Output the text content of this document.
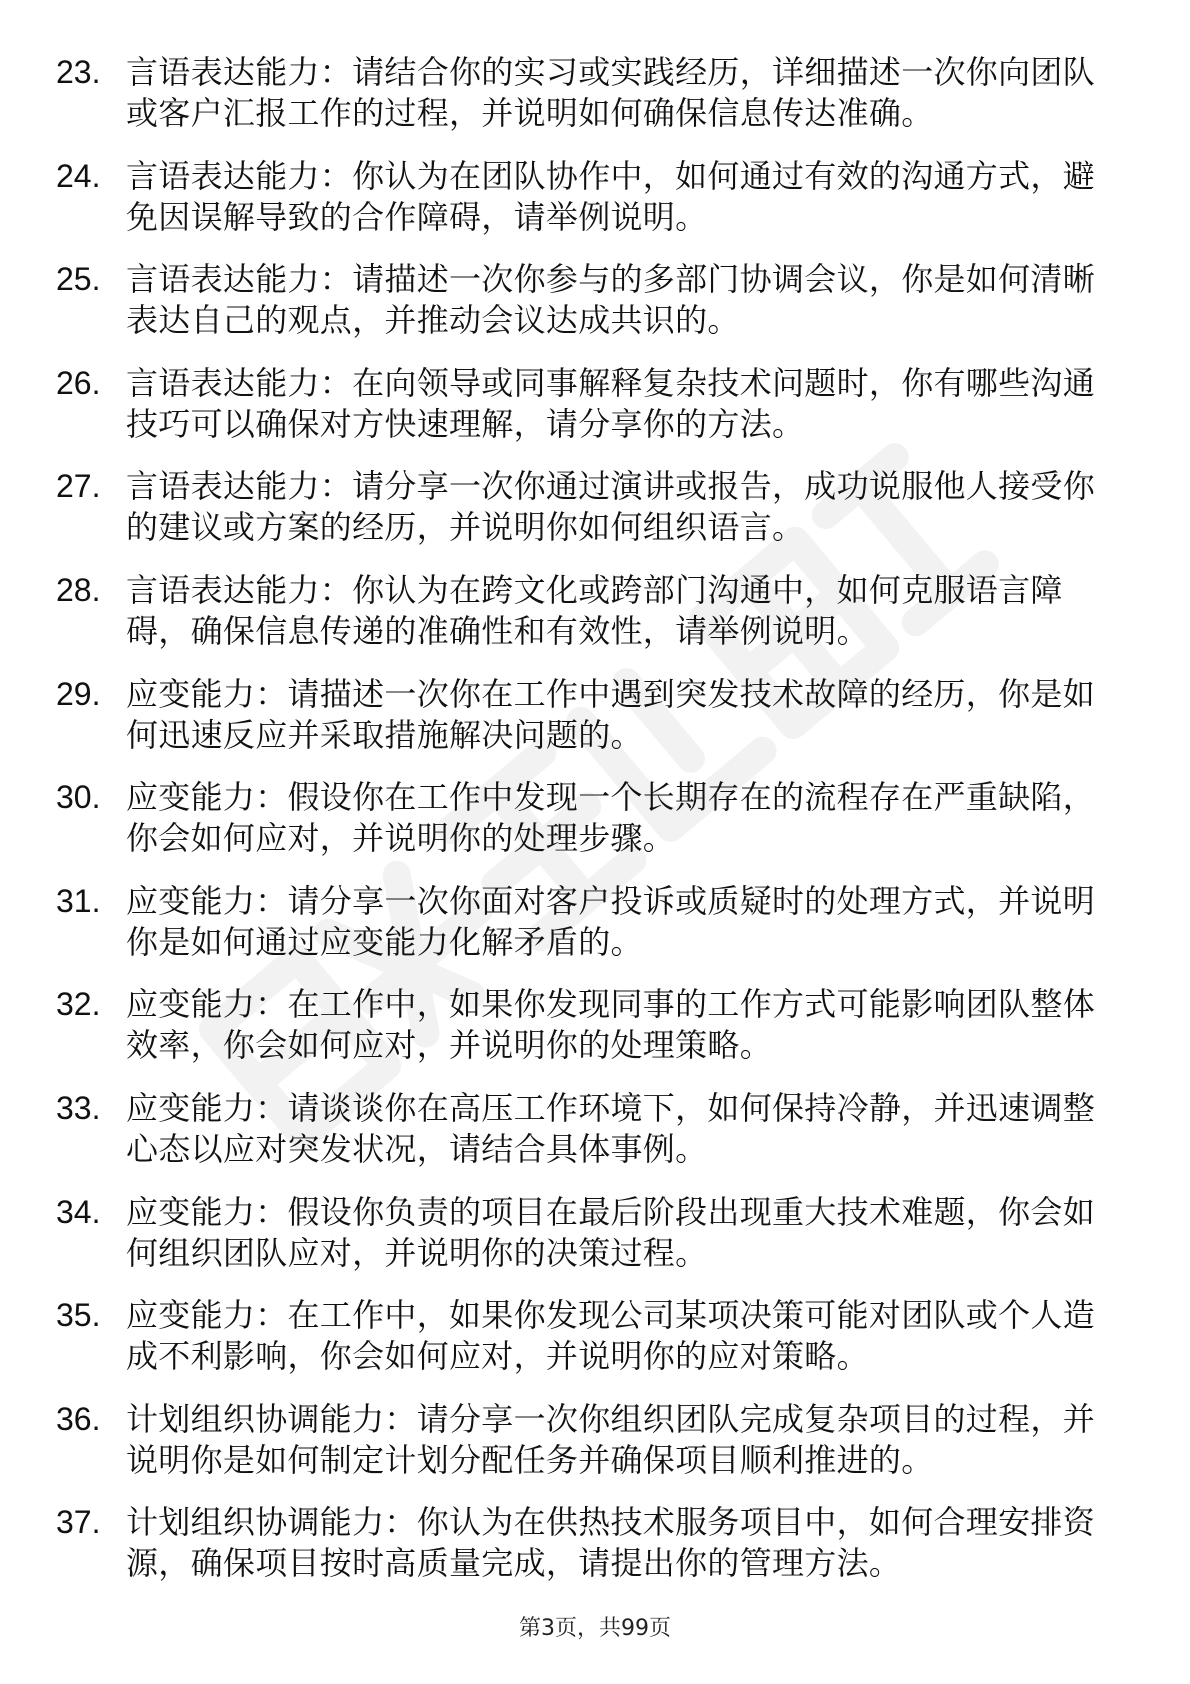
23. 言语表达能力：请结合你的实习或实践经历，详细描述一次你向团队或客户汇报工作的过程，并说明如何确保信息传达准确。
24. 言语表达能力：你认为在团队协作中，如何通过有效的沟通方式，避免因误解导致的合作障碍，请举例说明。
25. 言语表达能力：请描述一次你参与的多部门协调会议，你是如何清晰表达自己的观点，并推动会议达成共识的。
26. 言语表达能力：在向领导或同事解释复杂技术问题时，你有哪些沟通技巧可以确保对方快速理解，请分享你的方法。
27. 言语表达能力：请分享一次你通过演讲或报告，成功说服他人接受你的建议或方案的经历，并说明你如何组织语言。
28. 言语表达能力：你认为在跨文化或跨部门沟通中，如何克服语言障碍，确保信息传递的准确性和有效性，请举例说明。
29. 应变能力：请描述一次你在工作中遇到突发技术故障的经历，你是如何迅速反应并采取措施解决问题的。
30. 应变能力：假设你在工作中发现一个长期存在的流程存在严重缺陷，你会如何应对，并说明你的处理步骤。
31. 应变能力：请分享一次你面对客户投诉或质疑时的处理方式，并说明你是如何通过应变能力化解矛盾的。
32. 应变能力：在工作中，如果你发现同事的工作方式可能影响团队整体效率，你会如何应对，并说明你的处理策略。
33. 应变能力：请谈谈你在高压工作环境下，如何保持冷静，并迅速调整心态以应对突发状况，请结合具体事例。
34. 应变能力：假设你负责的项目在最后阶段出现重大技术难题，你会如何组织团队应对，并说明你的决策过程。
35. 应变能力：在工作中，如果你发现公司某项决策可能对团队或个人造成不利影响，你会如何应对，并说明你的应对策略。
36. 计划组织协调能力：请分享一次你组织团队完成复杂项目的过程，并说明你是如何制定计划分配任务并确保项目顺利推进的。
37. 计划组织协调能力：你认为在供热技术服务项目中，如何合理安排资源，确保项目按时高质量完成，请提出你的管理方法。
第3页，共99页
